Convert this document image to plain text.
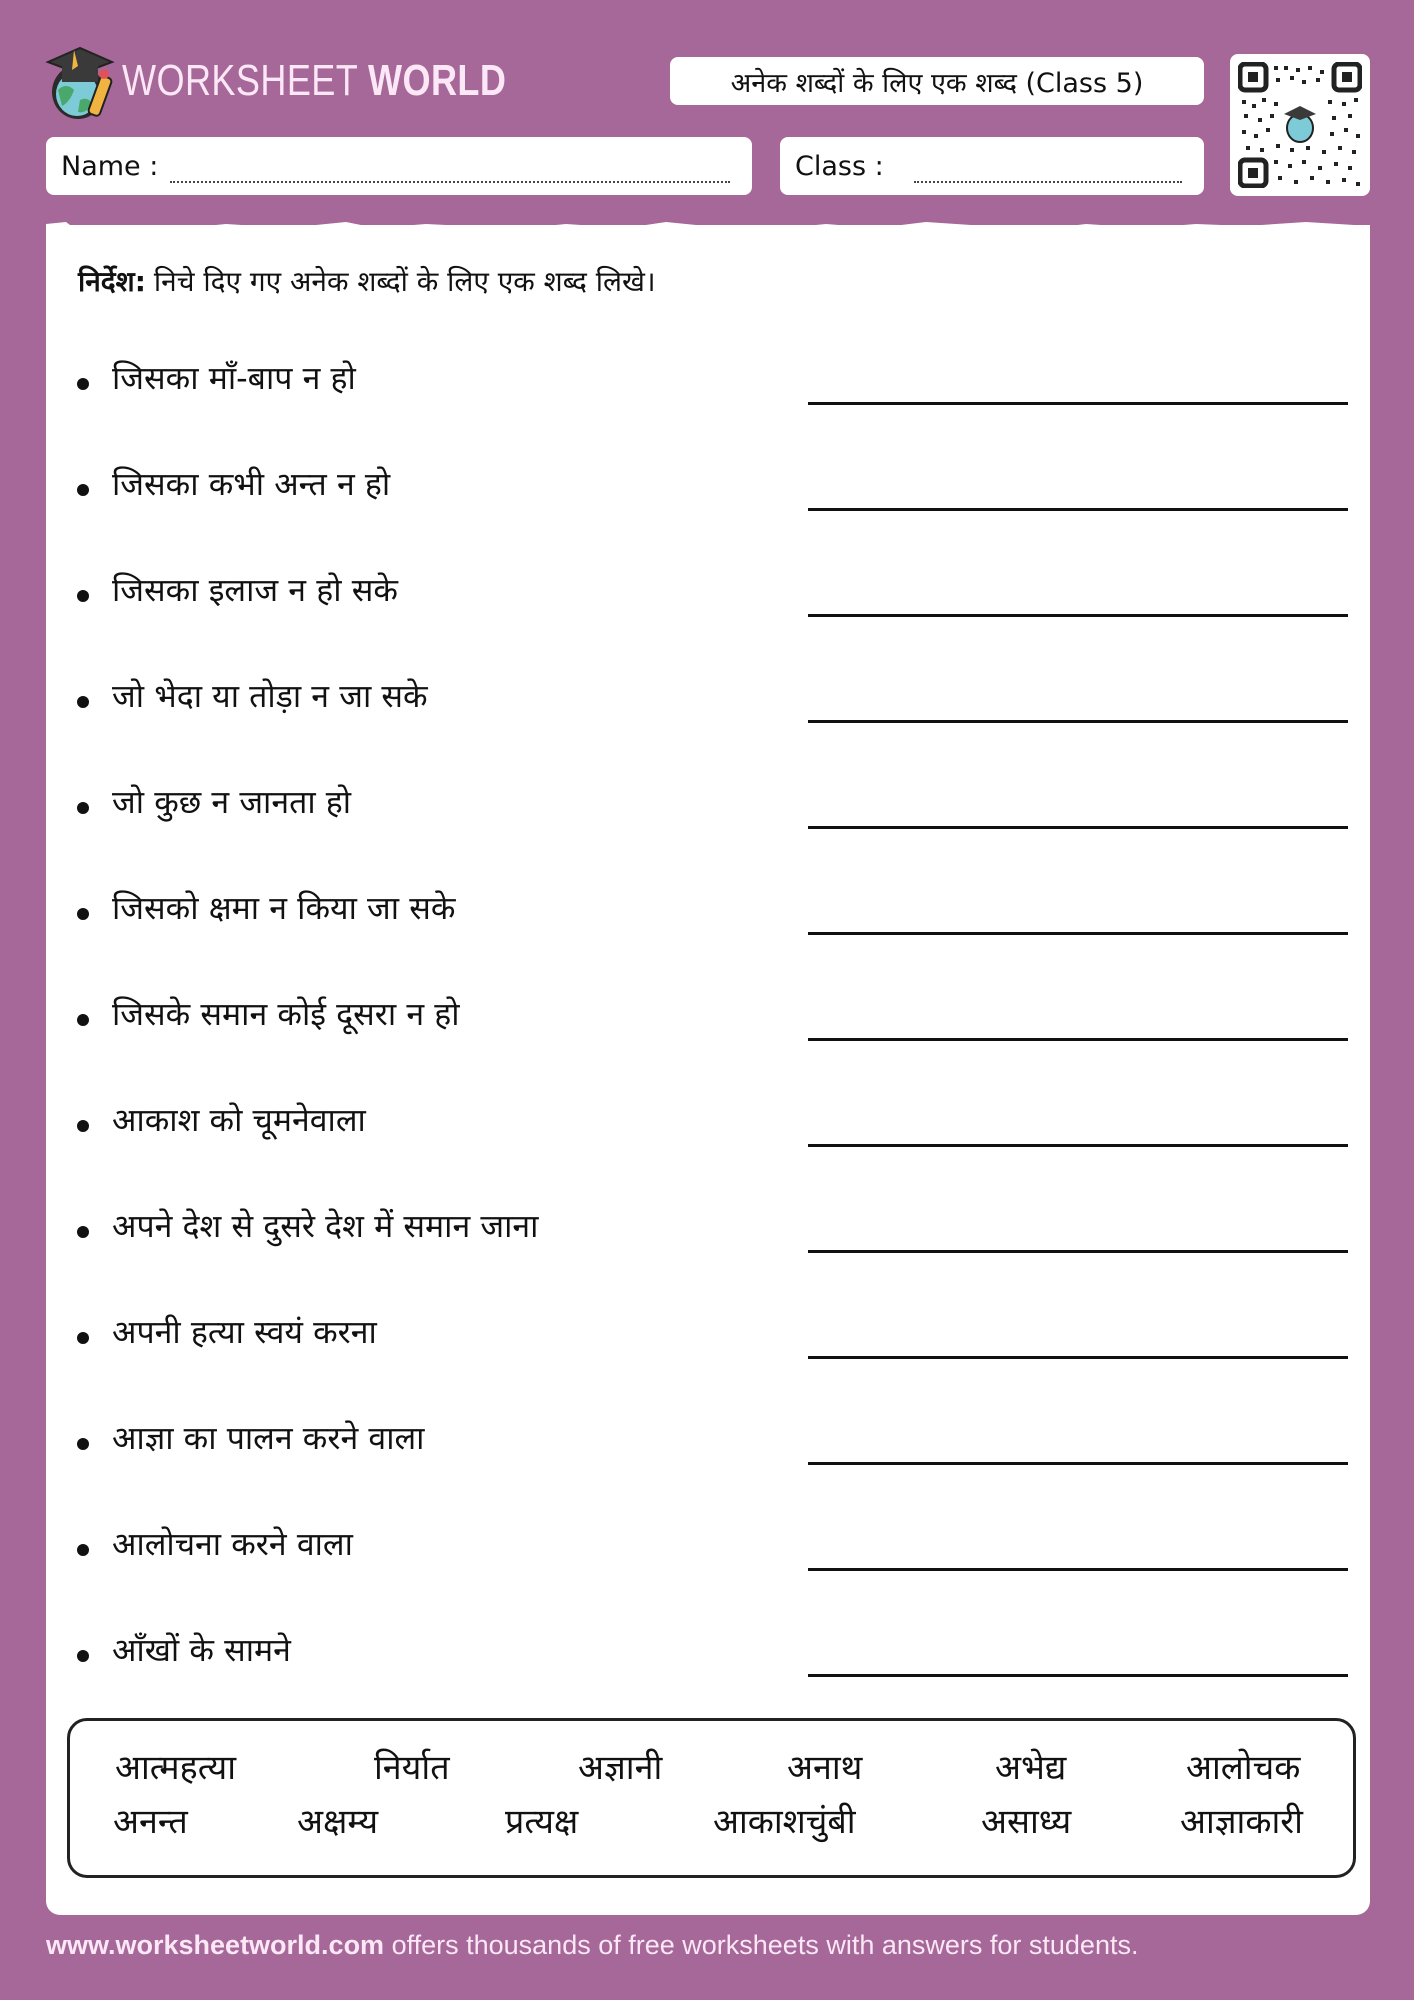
WORKSHEET WORLD	अनेक शब्दों के लिए एक शब्द (Class 5)
Name :	Class :
निर्देश: निचे दिए गए अनेक शब्दों के लिए एक शब्द लिखे।
जिसका माँ-बाप न हो
जिसका कभी अन्त न हो
जिसका इलाज न हो सके
जो भेदा या तोड़ा न जा सके
जो कुछ न जानता हो
जिसको क्षमा न किया जा सके
जिसके समान कोई दूसरा न हो
आकाश को चूमनेवाला
अपने देश से दुसरे देश में समान जाना
अपनी हत्या स्वयं करना
आज्ञा का पालन करने वाला
आलोचना करने वाला
आँखों के सामने
आत्महत्या	निर्यात	अज्ञानी	अनाथ	अभेद्य	आलोचक
अनन्त	अक्षम्य	प्रत्यक्ष	आकाशचुंबी	असाध्य	आज्ञाकारी
www.worksheetworld.com offers thousands of free worksheets with answers for students.
